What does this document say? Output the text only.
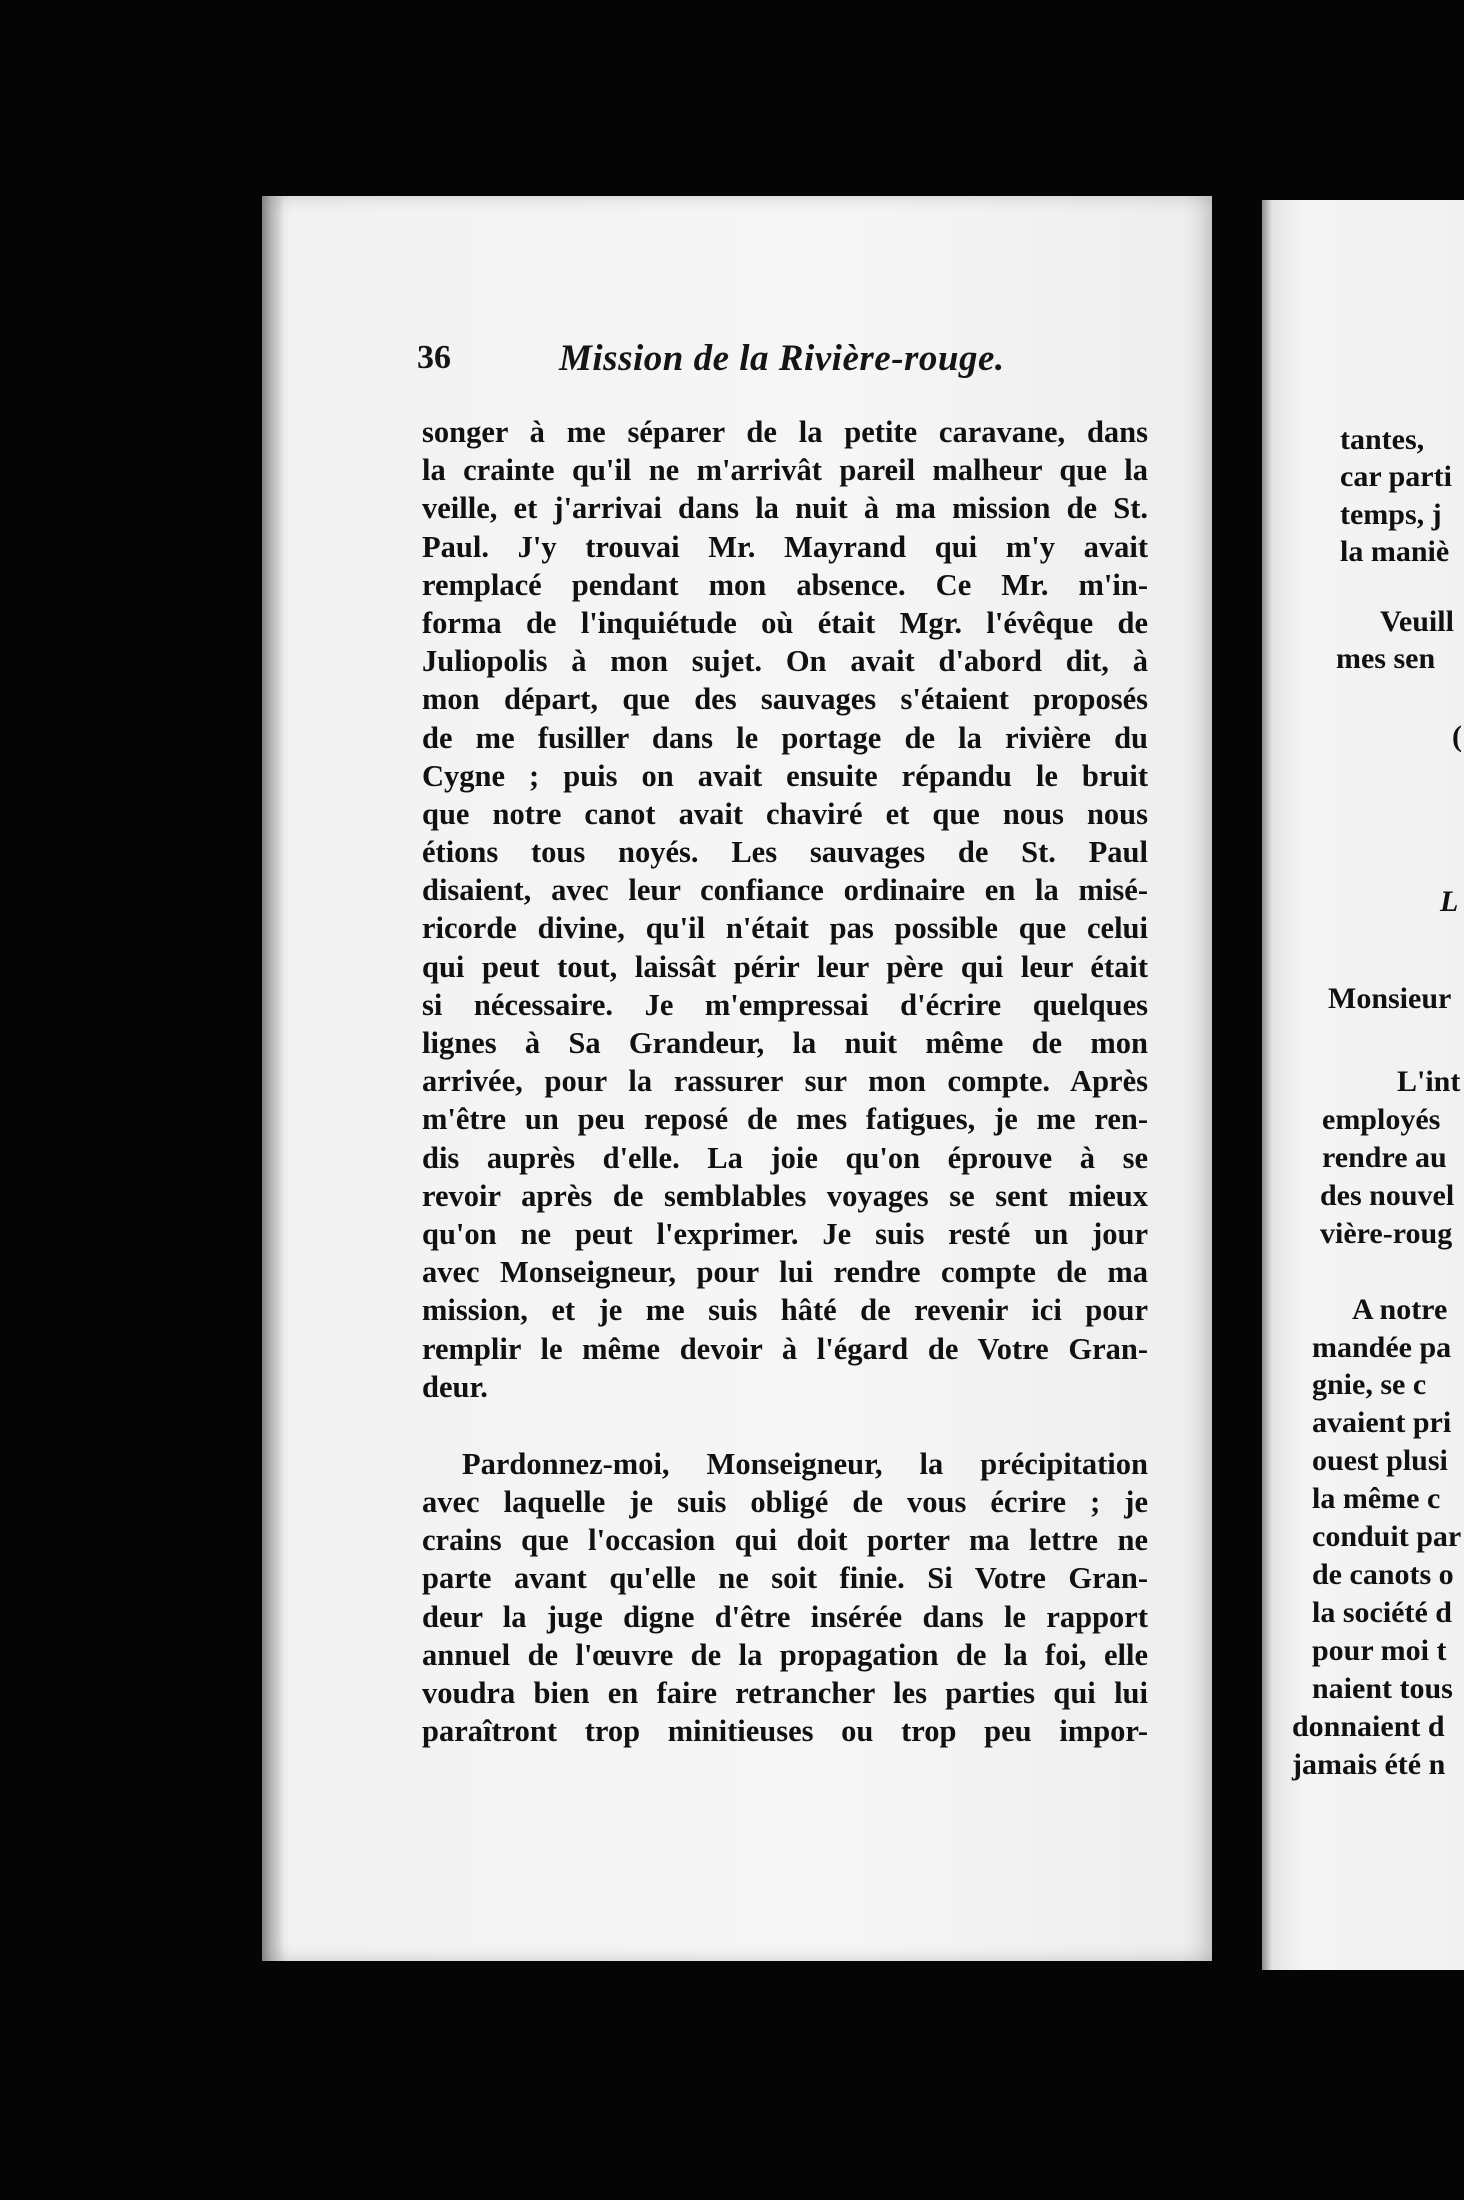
36	Mission de la Rivière-rouge.
songer à me séparer de la petite caravane, dans
la crainte qu'il ne m'arrivât pareil malheur que la
veille, et j'arrivai dans la nuit à ma mission de St.
Paul. J'y trouvai Mr. Mayrand qui m'y avait
remplacé pendant mon absence. Ce Mr. m'in-
forma de l'inquiétude où était Mgr. l'évêque de
Juliopolis à mon sujet. On avait d'abord dit, à
mon départ, que des sauvages s'étaient proposés
de me fusiller dans le portage de la rivière du
Cygne ; puis on avait ensuite répandu le bruit
que notre canot avait chaviré et que nous nous
étions tous noyés. Les sauvages de St. Paul
disaient, avec leur confiance ordinaire en la misé-
ricorde divine, qu'il n'était pas possible que celui
qui peut tout, laissât périr leur père qui leur était
si nécessaire. Je m'empressai d'écrire quelques
lignes à Sa Grandeur, la nuit même de mon
arrivée, pour la rassurer sur mon compte. Après
m'être un peu reposé de mes fatigues, je me ren-
dis auprès d'elle. La joie qu'on éprouve à se
revoir après de semblables voyages se sent mieux
qu'on ne peut l'exprimer. Je suis resté un jour
avec Monseigneur, pour lui rendre compte de ma
mission, et je me suis hâté de revenir ici pour
remplir le même devoir à l'égard de Votre Gran-
deur.
Pardonnez-moi, Monseigneur, la précipitation
avec laquelle je suis obligé de vous écrire ; je
crains que l'occasion qui doit porter ma lettre ne
parte avant qu'elle ne soit finie. Si Votre Gran-
deur la juge digne d'être insérée dans le rapport
annuel de l'œuvre de la propagation de la foi, elle
voudra bien en faire retrancher les parties qui lui
paraîtront trop minitieuses ou trop peu impor-
tantes,
car parti
temps, j
la maniè
Veuill
mes sen
(
L
Monsieur
L'int
employés
rendre au
des nouvel
vière-roug
A notre
mandée pa
gnie, se c
avaient pri
ouest plusi
la même c
conduit par
de canots o
la société d
pour moi t
naient tous
donnaient d
jamais été n
